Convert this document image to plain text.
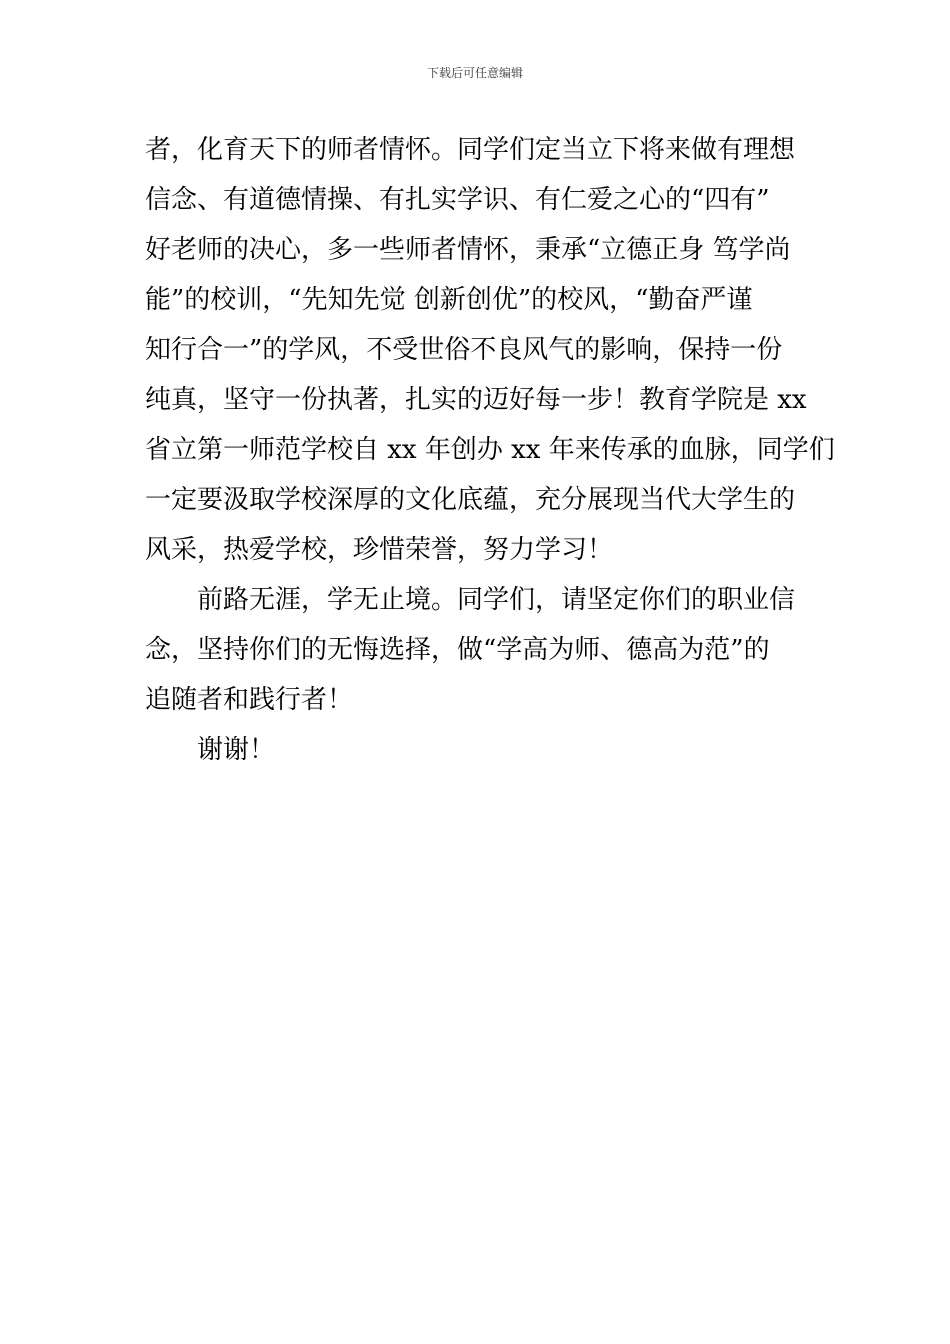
下载后可任意编辑
者，化育天下的师者情怀。同学们定当立下将来做有理想
信念、有道德情操、有扎实学识、有仁爱之心的“四有”
好老师的决心，多一些师者情怀，秉承“立德正身 笃学尚
能”的校训，“先知先觉 创新创优”的校风，“勤奋严谨
知行合一”的学风，不受世俗不良风气的影响，保持一份
纯真，坚守一份执著，扎实的迈好每一步！教育学院是 xx
省立第一师范学校自 xx 年创办 xx 年来传承的血脉，同学们
一定要汲取学校深厚的文化底蕴，充分展现当代大学生的
风采，热爱学校，珍惜荣誉，努力学习！
前路无涯，学无止境。同学们，请坚定你们的职业信
念，坚持你们的无悔选择，做“学高为师、德高为范”的
追随者和践行者！
谢谢！
